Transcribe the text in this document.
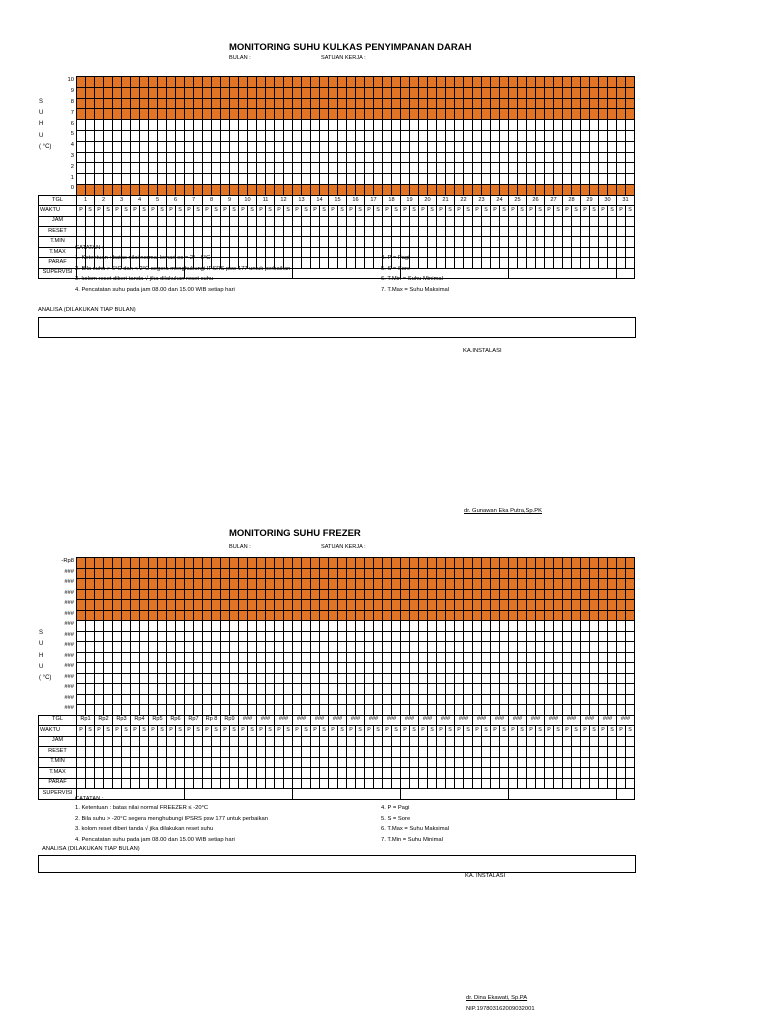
MONITORING SUHU KULKAS PENYIMPANAN DARAH
BULAN :	SATUAN KERJA :
S
U
H
U
( °C)
10
9
8
7
6
5
4
3
2
1
0

TGL	1		2		3		4		5		6		7		8		9		10		11		12		13		14		15		16		17		18		19		20		21		22		23		24		25		26		27		28		29		30		31	
WAKTU	P	S	P	S	P	S	P	S	P	S	P	S	P	S	P	S	P	S	P	S	P	S	P	S	P	S	P	S	P	S	P	S	P	S	P	S	P	S	P	S	P	S	P	S	P	S	P	S	P	S	P	S	P	S	P	S	P	S	P	S	P	S
JAM																																																														
RESET																																																														
T.MIN																																																														
T.MAX																																																														
PARAF																																																														
SUPERVISI																																																														
CATATAN :
1. Ketentuan : batas nilai normal lemari es = 2° - 6°C
2. Bila suhu > 6°C dan < 2°C segera menghubungi IPSRS psw 177 untuk perbaikan
3. kolom reset diberi tanda √ jika dilakukan reset suhu
4. Pencatatan suhu pada jam 08.00 dan 15.00 WIB setiap hari
4. P = Pagi
5. S = Sore
6. T.Min = Suhu Minimal
7. T.Max = Suhu Maksimal
ANALISA (DILAKUKAN TIAP BULAN)
KA.INSTALASI
dr. Gunawan Eka Putra,Sp.PK
MONITORING SUHU FREZER
BULAN :	SATUAN KERJA :
S
U
H
U
( °C)
-Rp8
###
###
###
###
###
###
###
###
###
###
###
###
###
###

TGL	Rp1		Rp2		Rp3		Rp4		Rp5		Rp6		Rp7		Rp 8		Rp9		###		###		###		###		###		###		###		###		###		###		###		###		###		###		###		###		###		###		###		###		###		###	
WAKTU	P	S	P	S	P	S	P	S	P	S	P	S	P	S	P	S	P	S	P	S	P	S	P	S	P	S	P	S	P	S	P	S	P	S	P	S	P	S	P	S	P	S	P	S	P	S	P	S	P	S	P	S	P	S	P	S	P	S	P	S	P	S
JAM																																																														
RESET																																																														
T.MIN																																																														
T.MAX																																																														
PARAF																																																														
SUPERVISI																																																														
CATATAN :
1. Ketentuan : batas nilai normal FREEZER ≤ -20°C
2. Bila suhu > -20°C segera menghubungi IPSRS psw 177 untuk perbaikan
3. kolom reset diberi tanda √ jika dilakukan reset suhu
4. Pencatatan suhu pada jam 08.00 dan 15.00 WIB setiap hari
4. P = Pagi
5. S = Sore
6. T.Max = Suhu Maksimal
7. T.Min = Suhu Minimal
ANALISA (DILAKUKAN TIAP BULAN)
KA. INSTALASI
dr. Dina Ekawati, Sp.PA
NIP.197803162009032001
